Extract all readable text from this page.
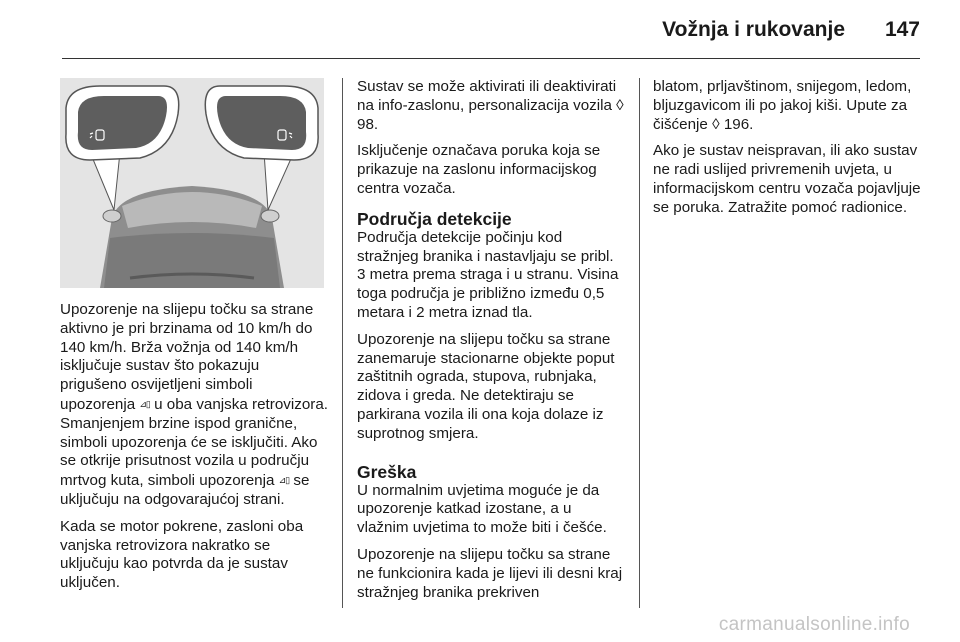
Vožnja i rukovanje 147

Upozorenje na slijepu točku sa strane aktivno je pri brzinama od 10 km/h do 140 km/h. Brža vožnja od 140 km/h isključuje sustav što pokazuju prigušeno osvijetljeni simboli upozorenja ⊿▯ u oba vanjska retrovizora. Smanjenjem brzine ispod granične, simboli upozorenja će se isključiti. Ako se otkrije prisutnost vozila u području mrtvog kuta, simboli upozorenja ⊿▯ se uključuju na odgovarajućoj strani.

Kada se motor pokrene, zasloni oba vanjska retrovizora nakratko se uključuju kao potvrda da je sustav uključen.

Sustav se može aktivirati ili deaktivirati na info-zaslonu, personalizacija vozila ◊ 98.

Isključenje označava poruka koja se prikazuje na zaslonu informacijskog centra vozača.

Područja detekcije

Područja detekcije počinju kod stražnjeg branika i nastavljaju se pribl. 3 metra prema straga i u stranu. Visina toga područja je približno između 0,5 metara i 2 metra iznad tla.

Upozorenje na slijepu točku sa strane zanemaruje stacionarne objekte poput zaštitnih ograda, stupova, rubnjaka, zidova i greda. Ne detektiraju se parkirana vozila ili ona koja dolaze iz suprotnog smjera.

Greška

U normalnim uvjetima moguće je da upozorenje katkad izostane, a u vlažnim uvjetima to može biti i češće.

Upozorenje na slijepu točku sa strane ne funkcionira kada je lijevi ili desni kraj stražnjeg branika prekriven

blatom, prljavštinom, snijegom, ledom, bljuzgavicom ili po jakoj kiši. Upute za čišćenje ◊ 196.

Ako je sustav neispravan, ili ako sustav ne radi uslijed privremenih uvjeta, u informacijskom centru vozača pojavljuje se poruka. Zatražite pomoć radionice.

carmanualsonline.info
